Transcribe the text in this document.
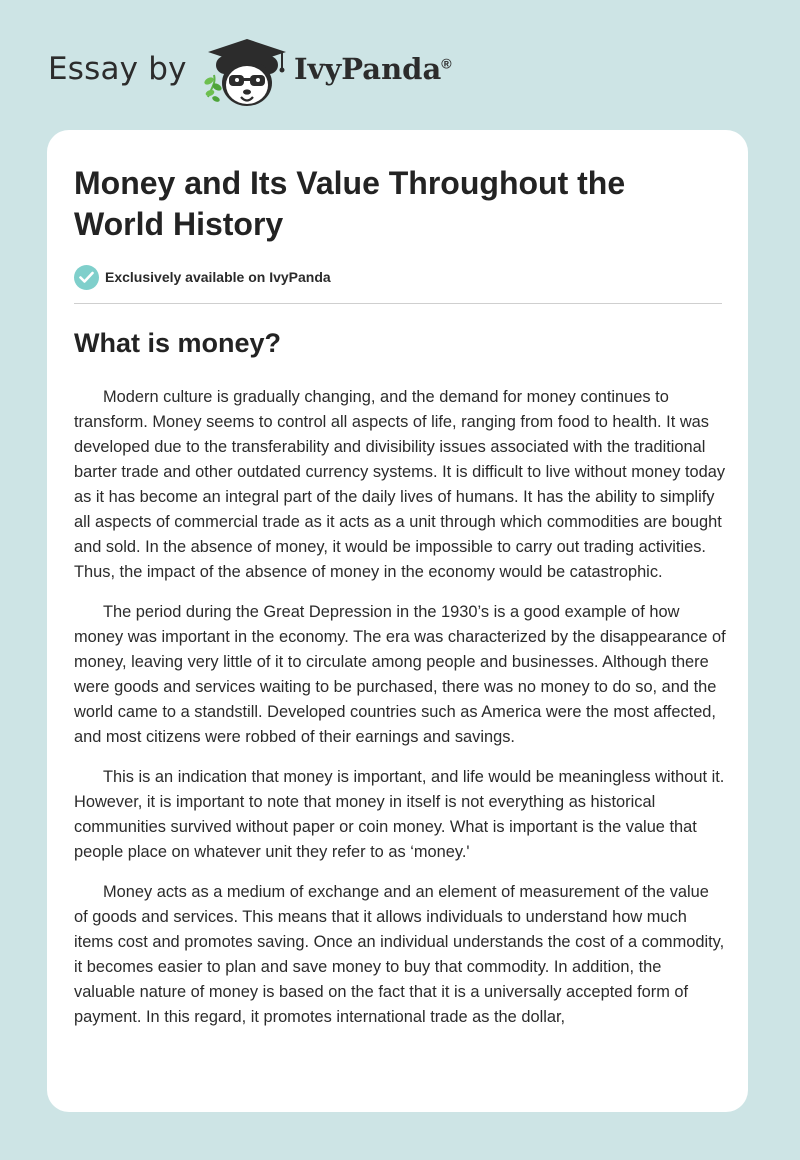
Essay by	IvyPanda®
Money and Its Value Throughout the World History
Exclusively available on IvyPanda
What is money?

Modern culture is gradually changing, and the demand for money continues to transform. Money seems to control all aspects of life, ranging from food to health. It was developed due to the transferability and divisibility issues associated with the traditional barter trade and other outdated currency systems. It is difficult to live without money today as it has become an integral part of the daily lives of humans. It has the ability to simplify all aspects of commercial trade as it acts as a unit through which commodities are bought and sold. In the absence of money, it would be impossible to carry out trading activities. Thus, the impact of the absence of money in the economy would be catastrophic.

The period during the Great Depression in the 1930’s is a good example of how money was important in the economy. The era was characterized by the disappearance of money, leaving very little of it to circulate among people and businesses. Although there were goods and services waiting to be purchased, there was no money to do so, and the world came to a standstill. Developed countries such as America were the most affected, and most citizens were robbed of their earnings and savings.

This is an indication that money is important, and life would be meaningless without it. However, it is important to note that money in itself is not everything as historical communities survived without paper or coin money. What is important is the value that people place on whatever unit they refer to as ‘money.'

Money acts as a medium of exchange and an element of measurement of the value of goods and services. This means that it allows individuals to understand how much items cost and promotes saving. Once an individual understands the cost of a commodity, it becomes easier to plan and save money to buy that commodity. In addition, the valuable nature of money is based on the fact that it is a universally accepted form of payment. In this regard, it promotes international trade as the dollar,
